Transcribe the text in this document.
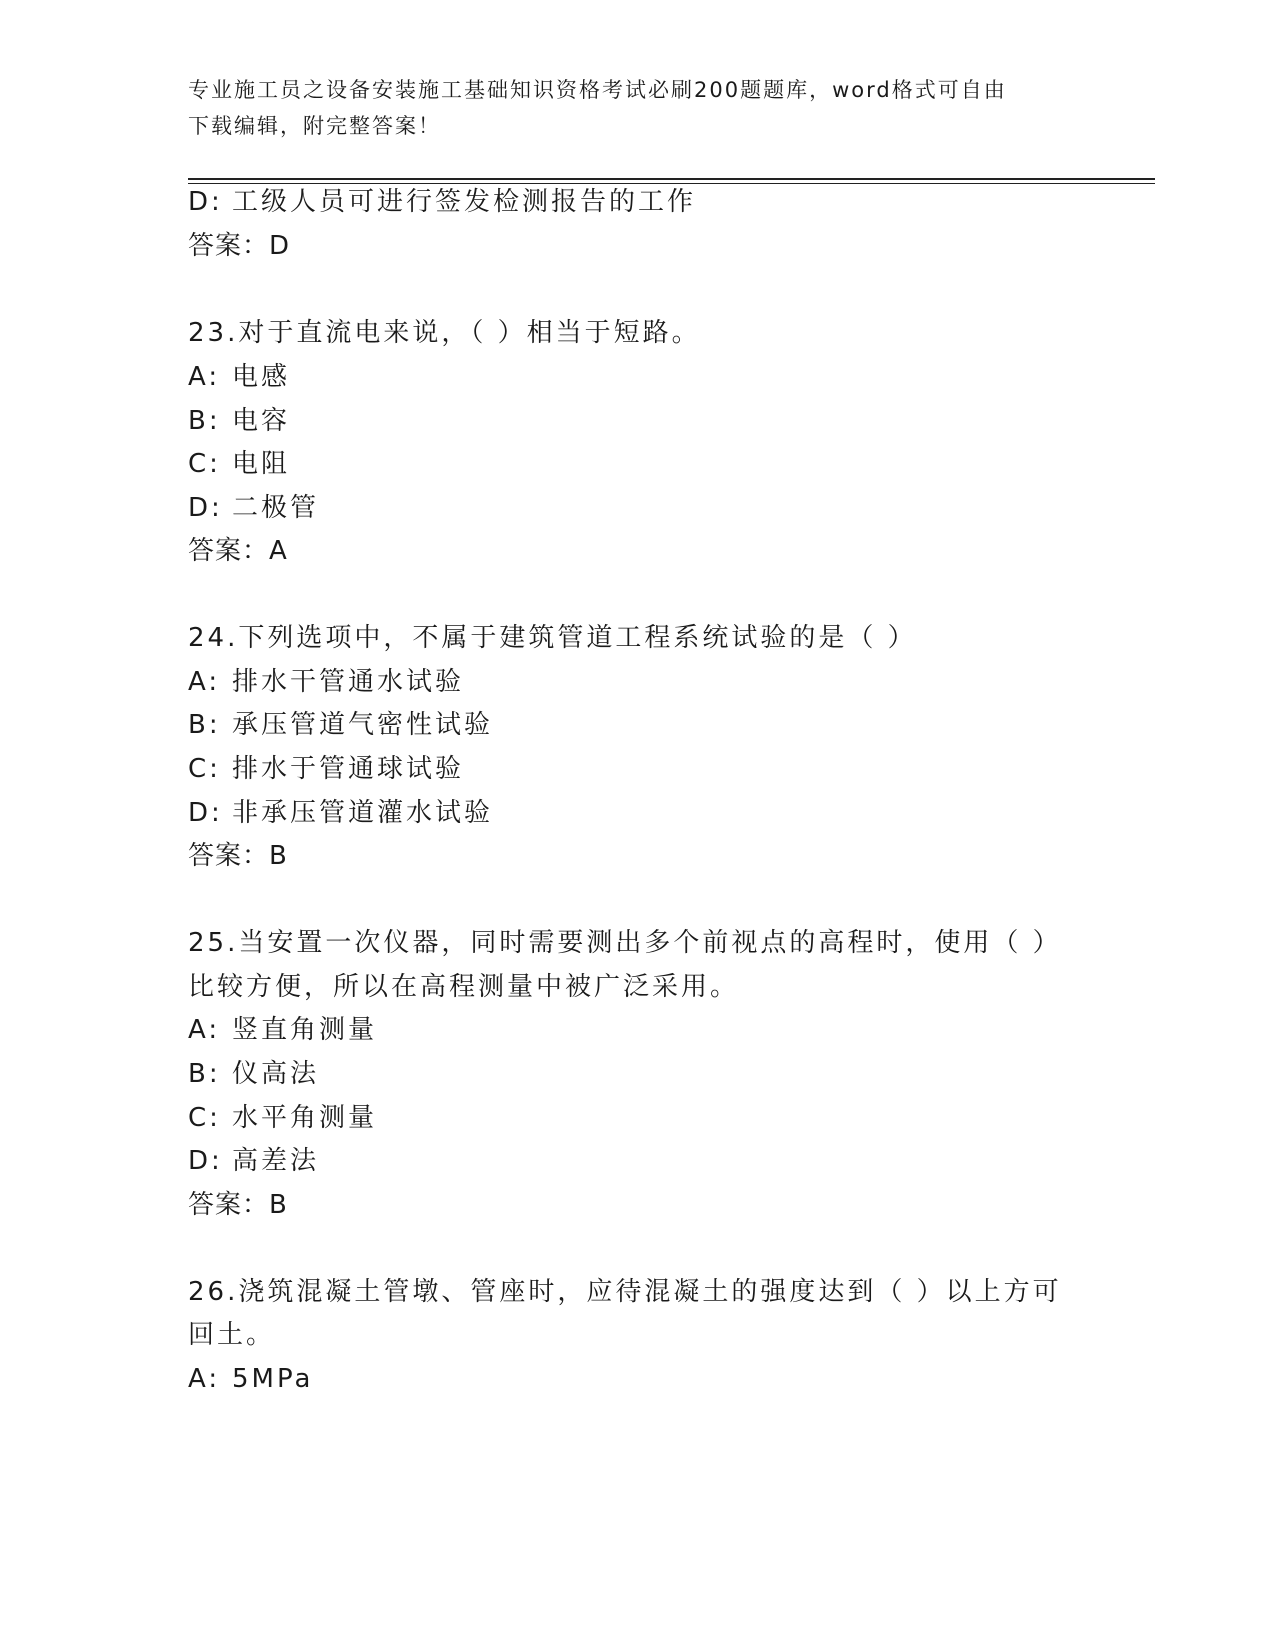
专业施工员之设备安装施工基础知识资格考试必刷200题题库，word格式可自由
下载编辑，附完整答案！
D: 工级人员可进行签发检测报告的工作
答案：D
23.对于直流电来说，（ ）相当于短路。
A: 电感
B: 电容
C: 电阻
D: 二极管
答案：A
24.下列选项中，不属于建筑管道工程系统试验的是（ ）
A: 排水干管通水试验
B: 承压管道气密性试验
C: 排水于管通球试验
D: 非承压管道灌水试验
答案：B
25.当安置一次仪器，同时需要测出多个前视点的高程时，使用（ ）
比较方便，所以在高程测量中被广泛采用。
A: 竖直角测量
B: 仪高法
C: 水平角测量
D: 高差法
答案：B
26.浇筑混凝土管墩、管座时，应待混凝土的强度达到（ ）以上方可
回土。
A: 5MPa
